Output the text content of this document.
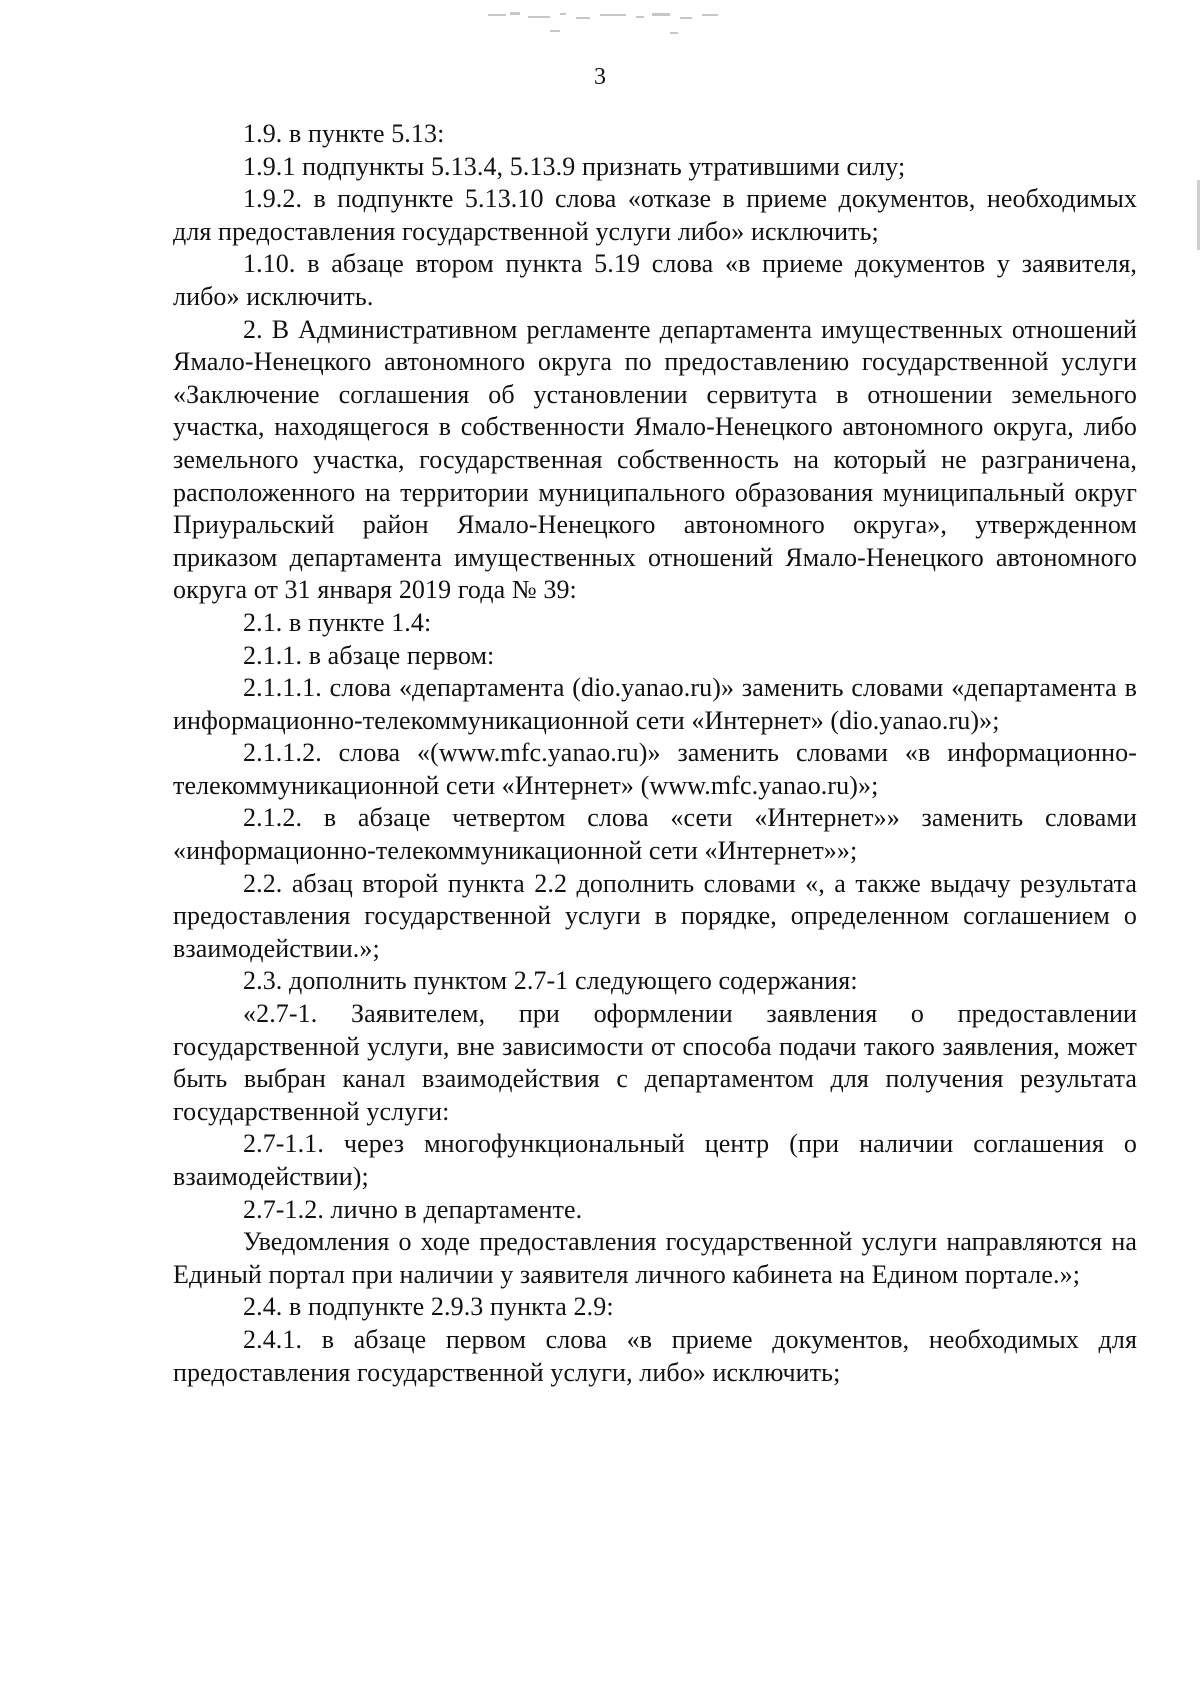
3

1.9. в пункте 5.13:

1.9.1 подпункты 5.13.4, 5.13.9 признать утратившими силу;

1.9.2. в подпункте 5.13.10 слова «отказе в приеме документов, необходимых для предоставления государственной услуги либо» исключить;

1.10. в абзаце втором пункта 5.19 слова «в приеме документов у заявителя, либо» исключить.

2. В Административном регламенте департамента имущественных отношений Ямало-Ненецкого автономного округа по предоставлению государственной услуги «Заключение соглашения об установлении сервитута в отношении земельного участка, находящегося в собственности Ямало-Ненецкого автономного округа, либо земельного участка, государственная собственность на который не разграничена, расположенного на территории муниципального образования муниципальный округ Приуральский район Ямало-Ненецкого автономного округа», утвержденном приказом департамента имущественных отношений Ямало-Ненецкого автономного округа от 31 января 2019 года № 39:

2.1. в пункте 1.4:

2.1.1. в абзаце первом:

2.1.1.1. слова «департамента (dio.yanao.ru)» заменить словами «департамента в информационно-телекоммуникационной сети «Интернет» (dio.yanao.ru)»;

2.1.1.2. слова «(www.mfc.yanao.ru)» заменить словами «в информационно-телекоммуникационной сети «Интернет» (www.mfc.yanao.ru)»;

2.1.2. в абзаце четвертом слова «сети «Интернет»» заменить словами «информационно-телекоммуникационной сети «Интернет»»;

2.2. абзац второй пункта 2.2 дополнить словами «, а также выдачу результата предоставления государственной услуги в порядке, определенном соглашением о взаимодействии.»;

2.3. дополнить пунктом 2.7-1 следующего содержания:

«2.7-1. Заявителем, при оформлении заявления о предоставлении государственной услуги, вне зависимости от способа подачи такого заявления, может быть выбран канал взаимодействия с департаментом для получения результата государственной услуги:

2.7-1.1. через многофункциональный центр (при наличии соглашения о взаимодействии);

2.7-1.2. лично в департаменте.

Уведомления о ходе предоставления государственной услуги направляются на Единый портал при наличии у заявителя личного кабинета на Едином портале.»;

2.4. в подпункте 2.9.3 пункта 2.9:

2.4.1. в абзаце первом слова «в приеме документов, необходимых для предоставления государственной услуги, либо» исключить;
